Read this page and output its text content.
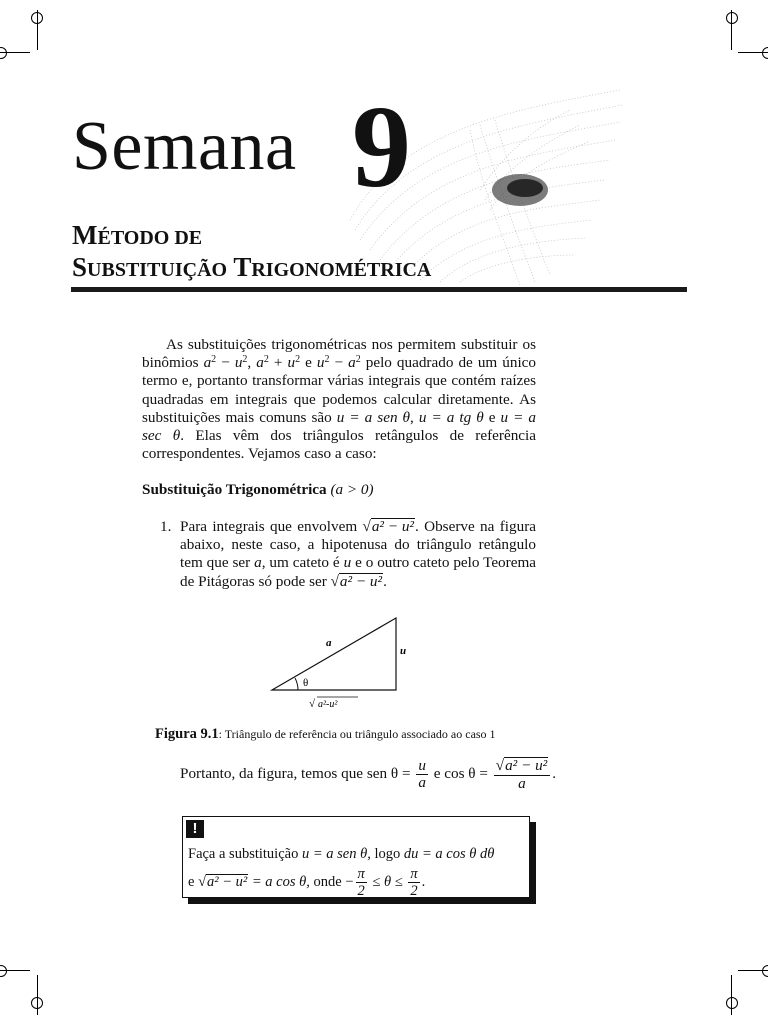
Semana 9
MÉTODO DE
SUBSTITUIÇÃO TRIGONOMÉTRICA
As substituições trigonométricas nos permitem substituir os binômios $a^2 - u^2$, $a^2 + u^2$ e $u^2 - a^2$ pelo quadrado de um único termo e, portanto transformar várias integrais que contém raízes quadradas em integrais que podemos calcular diretamente. As substituições mais comuns são u = a sen θ, u = a tg θ e u = a sec θ. Elas vêm dos triângulos retângulos de referência correspondentes. Vejamos caso a caso:
Substituição Trigonométrica (a > 0)
1. Para integrais que envolvem √a² − u². Observe na figura abaixo, neste caso, a hipotenusa do triângulo retângulo tem que ser a, um cateto é u e o outro cateto pelo Teorema de Pitágoras só pode ser √a² − u².
a
u
θ
√ a²-u²
Figura 9.1: Triângulo de referência ou triângulo associado ao caso 1
Portanto, da figura, temos que sen $\theta = \frac{u}{a}$ e $\cos \theta = \frac{\text{√a² − u²}}{a}$ .
!
Faça a substituição u = a sen θ, logo du = a cos θ dθ
e √a² − u² = a cos θ, onde − $\frac{\pi}{2} \le \theta \le \frac{\pi}{2}$ .
